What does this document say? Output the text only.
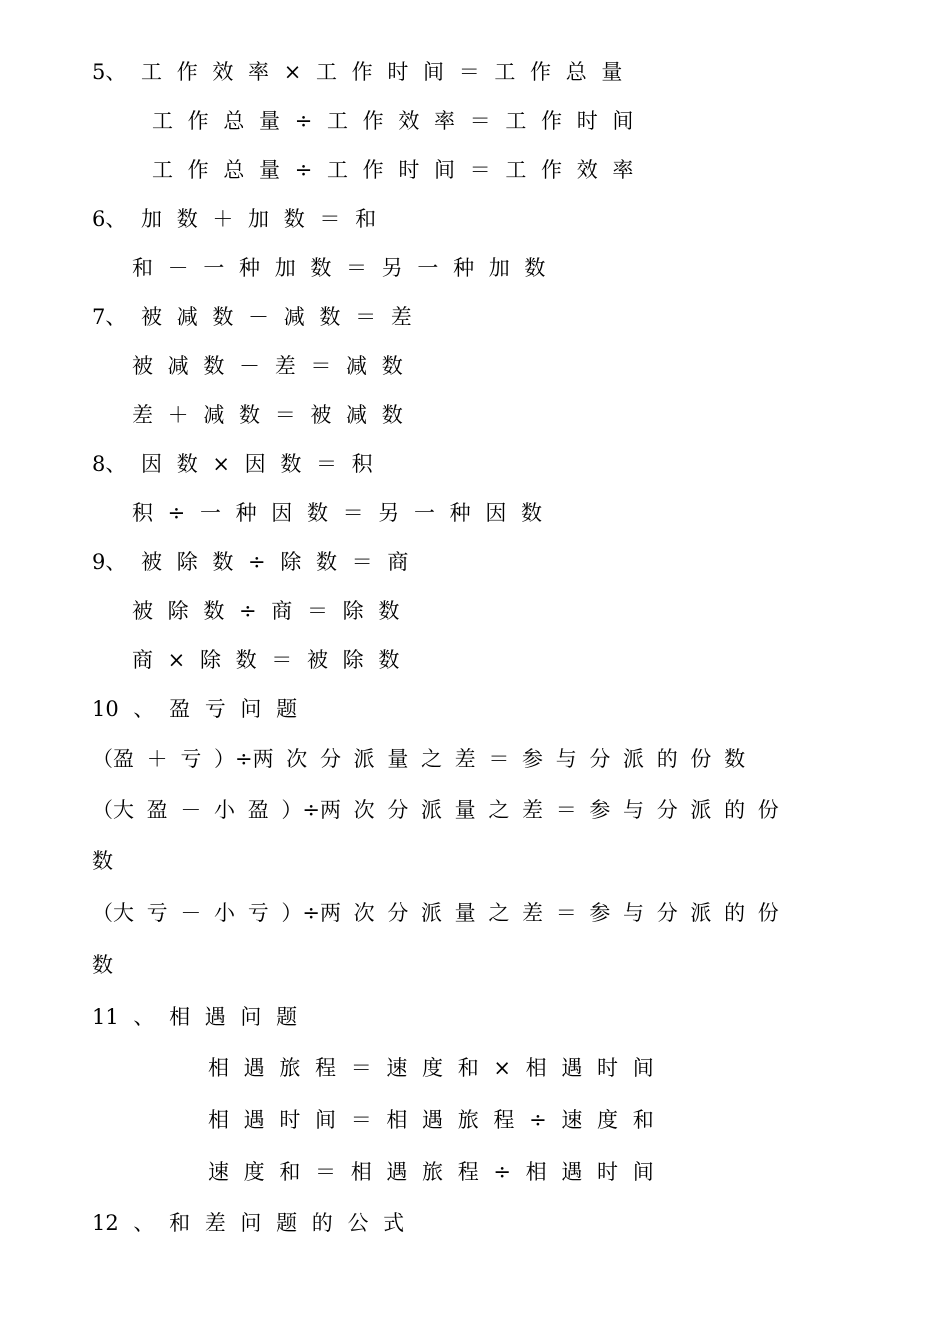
5、 工 作 效 率 × 工 作 时 间 ＝ 工 作 总 量
工 作 总 量 ÷ 工 作 效 率 ＝ 工 作 时 间
工 作 总 量 ÷ 工 作 时 间 ＝ 工 作 效 率
6、 加 数 ＋ 加 数 ＝ 和
和 － 一 种 加 数 ＝ 另 一 种 加 数
7、 被 减 数 － 减 数 ＝ 差
被 减 数 － 差 ＝ 减 数
差 ＋ 减 数 ＝ 被 减 数
8、 因 数 × 因 数 ＝ 积
积 ÷ 一 种 因 数 ＝ 另 一 种 因 数
9、 被 除 数 ÷ 除 数 ＝ 商
被 除 数 ÷ 商 ＝ 除 数
商 × 除 数 ＝ 被 除 数
10 、 盈 亏 问 题
（盈 ＋ 亏 ）÷两 次 分 派 量 之 差 ＝ 参 与 分 派 的 份 数
（大 盈 － 小 盈 ）÷两 次 分 派 量 之 差 ＝ 参 与 分 派 的 份
数
（大 亏 － 小 亏 ）÷两 次 分 派 量 之 差 ＝ 参 与 分 派 的 份
数
11 、 相 遇 问 题
相 遇 旅 程 ＝ 速 度 和 × 相 遇 时 间
相 遇 时 间 ＝ 相 遇 旅 程 ÷ 速 度 和
速 度 和 ＝ 相 遇 旅 程 ÷ 相 遇 时 间
12 、 和 差 问 题 的 公 式
